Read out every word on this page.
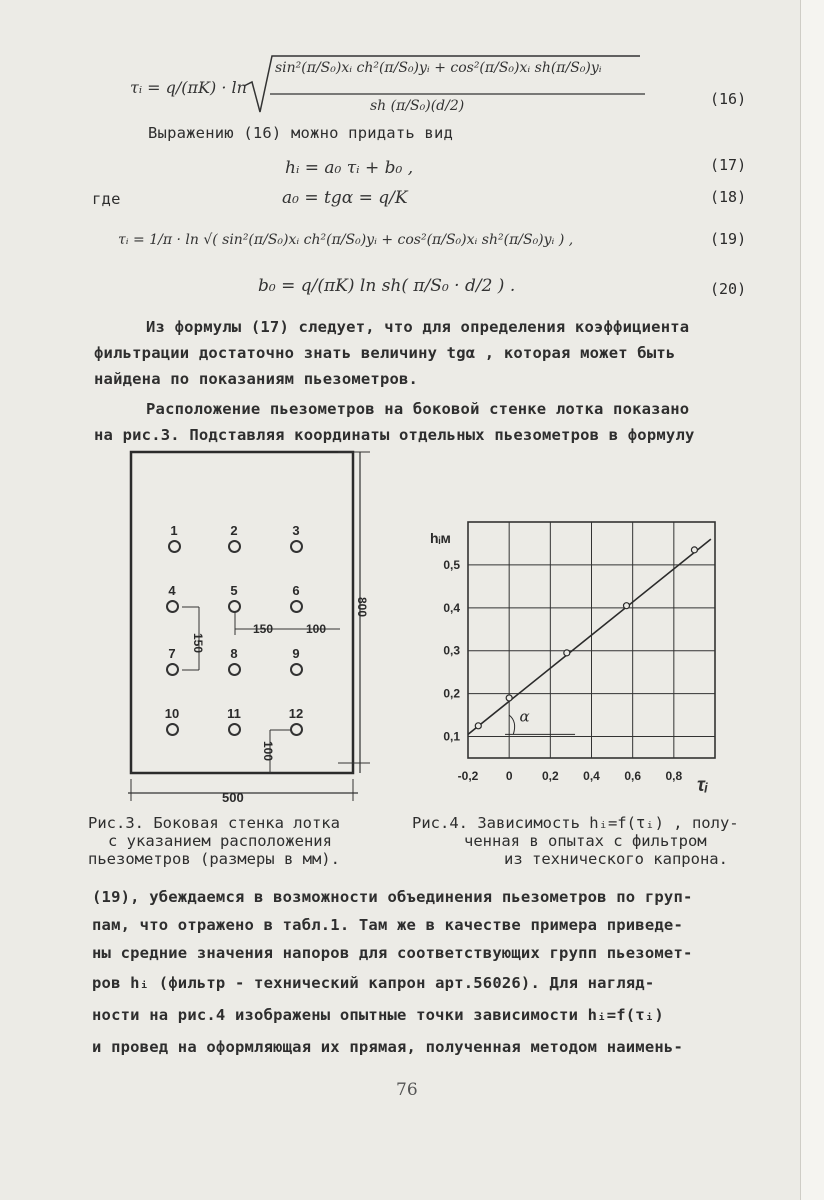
τᵢ = q/(πK) · ln
sin²(π/S₀)xᵢ ch²(π/S₀)yᵢ + cos²(π/S₀)xᵢ sh(π/S₀)yᵢ
sh (π/S₀)(d/2)	(16)
Выражению (16) можно придать вид
hᵢ = a₀ τᵢ + b₀ ,	(17)
где	a₀ = tgα = q/K	(18)
τᵢ = 1/π · ln √( sin²(π/S₀)xᵢ ch²(π/S₀)yᵢ + cos²(π/S₀)xᵢ sh²(π/S₀)yᵢ ) ,	(19)
b₀ = q/(πK) ln sh( π/S₀ · d/2 ) .	(20)
Из формулы (17) следует, что для определения коэффициента
фильтрации достаточно знать величину tgα , которая может быть
найдена по показаниям пьезометров.
Расположение пьезометров на боковой стенке лотка показано
на рис.3. Подставляя координаты отдельных пьезометров в формулу
800
500
150	100
150
100
1	2	3
4	5	6
7	8	9
10	11	12
Рис.3. Боковая стенка лотка
с указанием расположения
пьезометров (размеры в мм).
-0,2 0 0,2 0,4 0,6 0,8
0,1
0,2
0,3
0,4
0,5
α
hᵢм
τᵢ
Рис.4. Зависимость hᵢ=f(τᵢ) , полу-
ченная в опытах с фильтром
из технического капрона.
(19), убеждаемся в возможности объединения пьезометров по груп-
пам, что отражено в табл.1. Там же в качестве примера приведе-
ны средние значения напоров для соответствующих групп пьезомет-
ров hᵢ (фильтр - технический капрон арт.56026). Для нагляд-
ности на рис.4 изображены опытные точки зависимости hᵢ=f(τᵢ)
и провед на оформляющая их прямая, полученная методом наимень-
76
